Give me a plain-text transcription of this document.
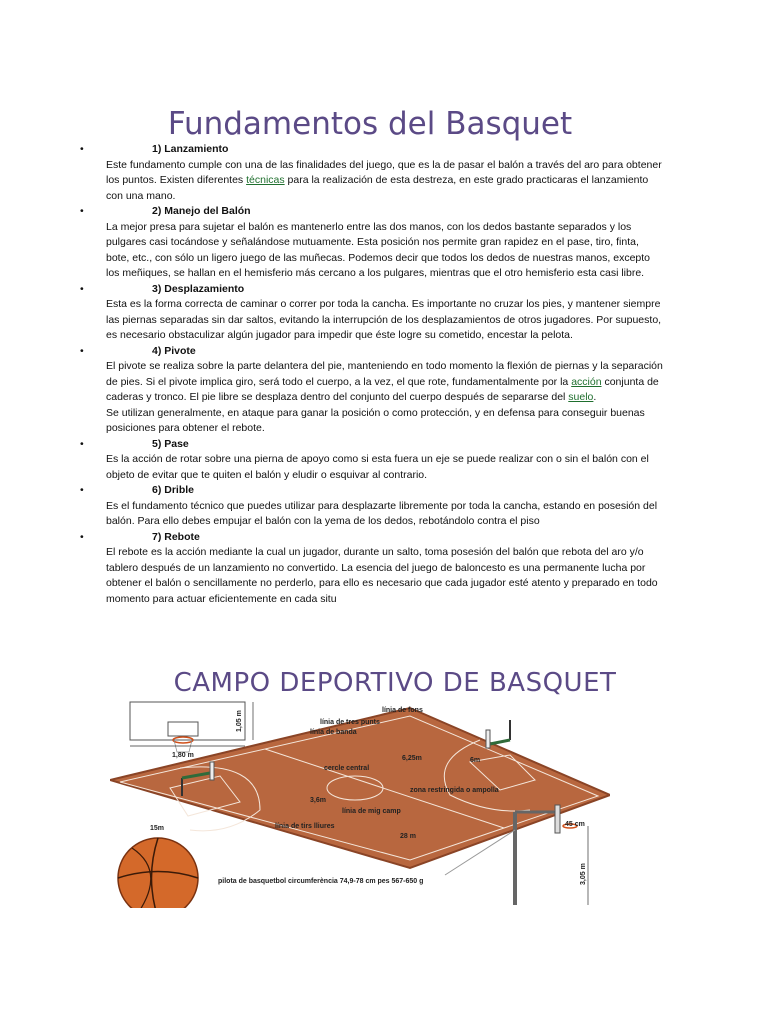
Fundamentos del Basquet
•	1) Lanzamiento
Este fundamento cumple con una de las finalidades del juego, que es la de pasar el balón a través del aro para obtener los puntos. Existen diferentes técnicas para la realización de esta destreza, en este grado practicaras el lanzamiento con una mano.
•	2) Manejo del Balón
La mejor presa para sujetar el balón es mantenerlo entre las dos manos, con los dedos bastante separados y los pulgares casi tocándose y señalándose mutuamente. Esta posición nos permite gran rapidez en el pase, tiro, finta, bote, etc., con sólo un ligero juego de las muñecas. Podemos decir que todos los dedos de nuestras manos, excepto los meñiques, se hallan en el hemisferio más cercano a los pulgares, mientras que el otro hemisferio esta casi libre.
•	3) Desplazamiento
Esta es la forma correcta de caminar o correr por toda la cancha. Es importante no cruzar los pies, y mantener siempre las piernas separadas sin dar saltos, evitando la interrupción de los desplazamientos de otros jugadores. Por supuesto, es necesario obstaculizar algún jugador para impedir que éste logre su cometido, encestar la pelota.
•	4) Pivote
El pivote se realiza sobre la parte delantera del pie, manteniendo en todo momento la flexión de piernas y la separación de pies. Si el pivote implica giro, será todo el cuerpo, a la vez, el que rote, fundamentalmente por la acción conjunta de caderas y tronco. El pie libre se desplaza dentro del conjunto del cuerpo después de separarse del suelo.
Se utilizan generalmente, en ataque para ganar la posición o como protección, y en defensa para conseguir buenas posiciones para obtener el rebote.
•	5) Pase
Es la acción de rotar sobre una pierna de apoyo como si esta fuera un eje se puede realizar con o sin el balón con el objeto de evitar que te quiten el balón y eludir o esquivar al contrario.
•	6) Drible
Es el fundamento técnico que puedes utilizar para desplazarte libremente por toda la cancha, estando en posesión del balón. Para ello debes empujar el balón con la yema de los dedos, rebotándolo contra el piso
•	7) Rebote
El rebote es la acción mediante la cual un jugador, durante un salto, toma posesión del balón que rebota del aro y/o tablero después de un lanzamiento no convertido. La esencia del juego de baloncesto es una permanente lucha por obtener el balón o sencillamente no perderlo, para ello es necesario que cada jugador esté atento y preparado en todo momento para actuar eficientemente en cada situ
CAMPO DEPORTIVO DE BASQUET
1,80 m
1,05 m	línia de fons
línia de tres punts
línia de banda
6,25m	6m
cercle central
3,6m
zona restringida o ampolla
línia de mig camp
línia de tirs lliures
15m
28 m
45 cm
3,05 m
pilota de basquetbol circumferència 74,9-78 cm pes 567-650 g
